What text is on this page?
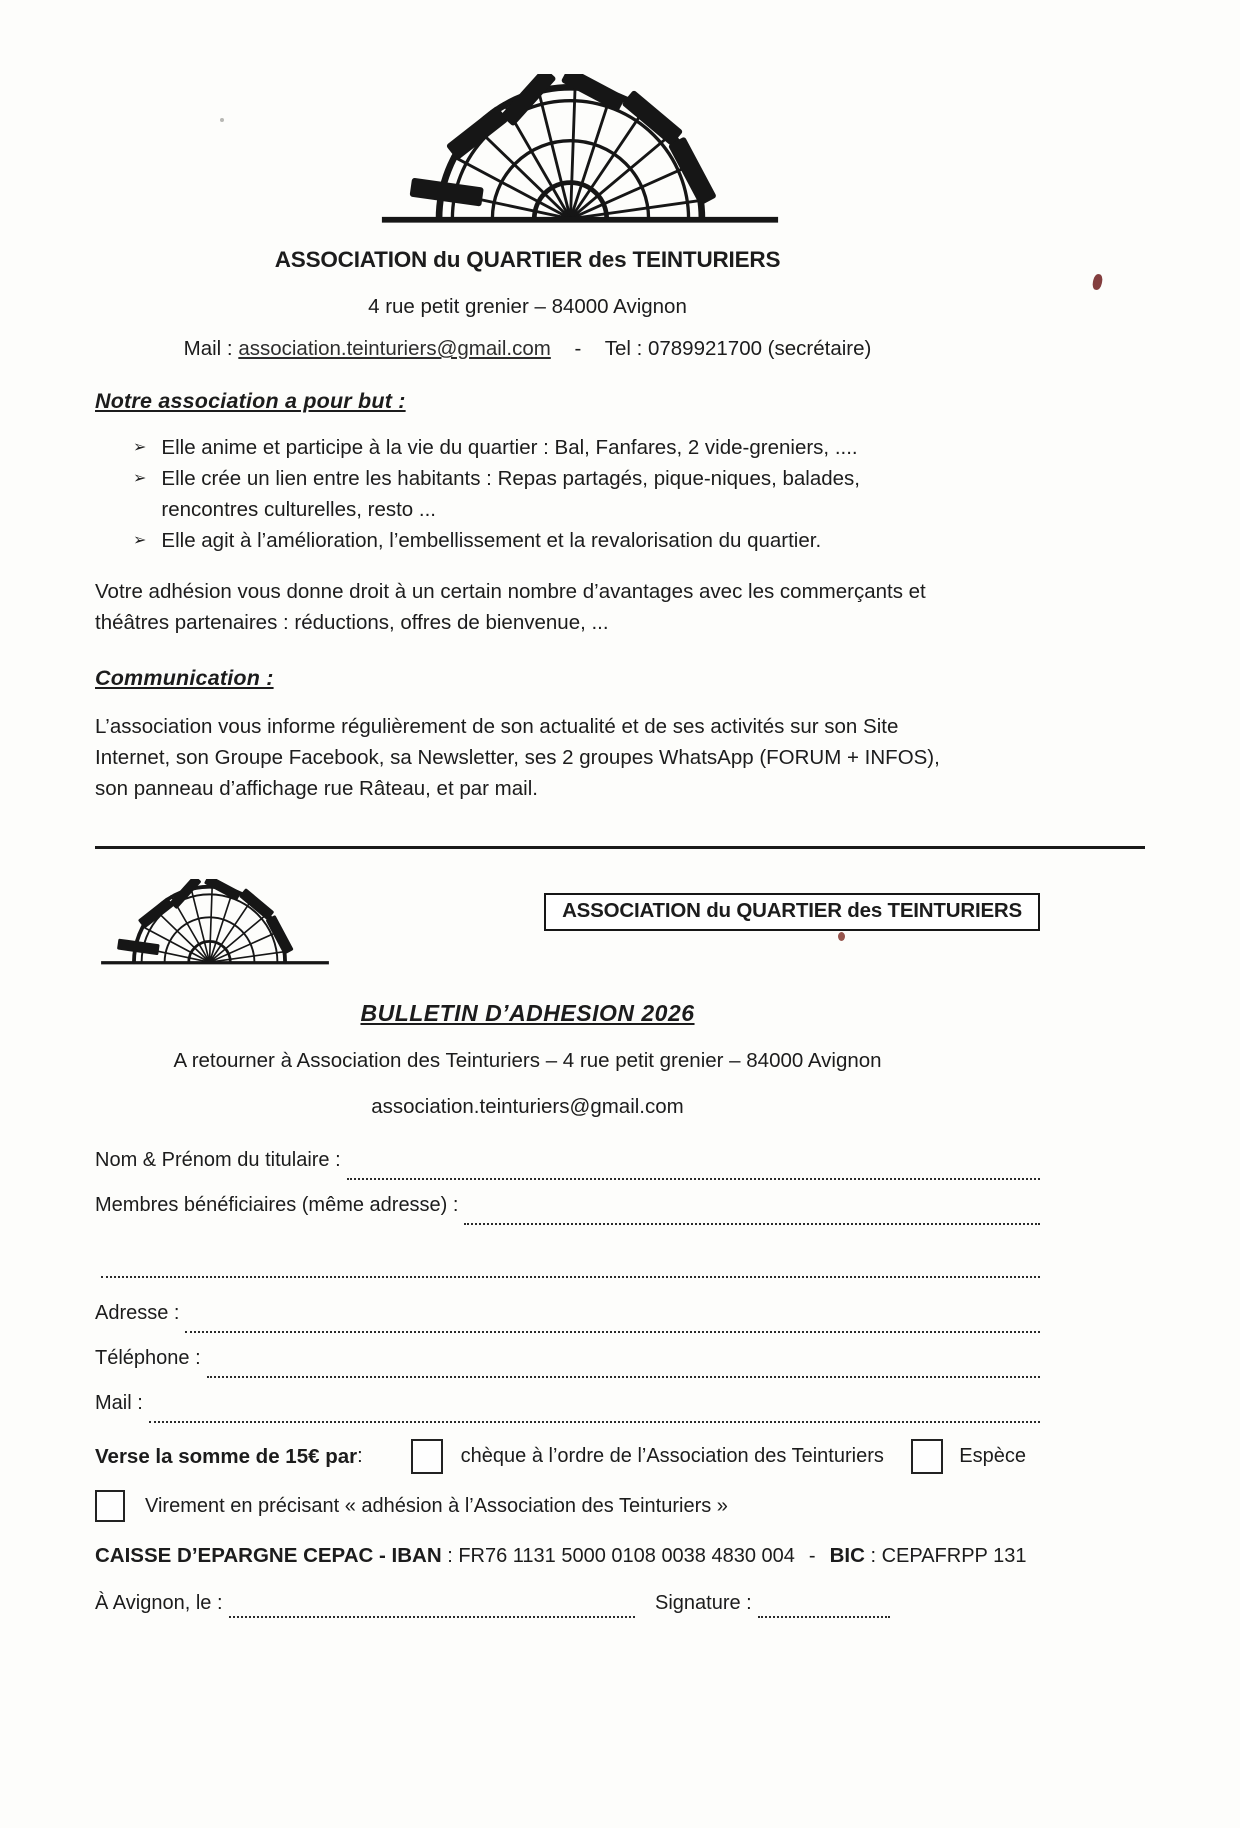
ASSOCIATION du QUARTIER des TEINTURIERS
4 rue petit grenier – 84000 Avignon
Mail : association.teinturiers@gmail.com - Tel : 0789921700 (secrétaire)
Notre association a pour but :
➢ Elle anime et participe à la vie du quartier : Bal, Fanfares, 2 vide-greniers, ....
➢ Elle crée un lien entre les habitants : Repas partagés, pique-niques, balades, rencontres culturelles, resto ...
➢ Elle agit à l’amélioration, l’embellissement et la revalorisation du quartier.
Votre adhésion vous donne droit à un certain nombre d’avantages avec les commerçants et théâtres partenaires : réductions, offres de bienvenue, ...
Communication :
L’association vous informe régulièrement de son actualité et de ses activités sur son Site Internet, son Groupe Facebook, sa Newsletter, ses 2 groupes WhatsApp (FORUM + INFOS), son panneau d’affichage rue Râteau, et par mail.
ASSOCIATION du QUARTIER des TEINTURIERS
BULLETIN D’ADHESION 2026
A retourner à Association des Teinturiers – 4 rue petit grenier – 84000 Avignon
association.teinturiers@gmail.com
Nom & Prénom du titulaire :
Membres bénéficiaires (même adresse) :
Adresse :
Téléphone :
Mail :
Verse la somme de 15€ par :	chèque à l’ordre de l’Association des Teinturiers	Espèce
Virement en précisant « adhésion à l’Association des Teinturiers »
CAISSE D’EPARGNE CEPAC - IBAN : FR76 1131 5000 0108 0038 4830 004 - BIC : CEPAFRPP 131
À Avignon, le :	Signature :
